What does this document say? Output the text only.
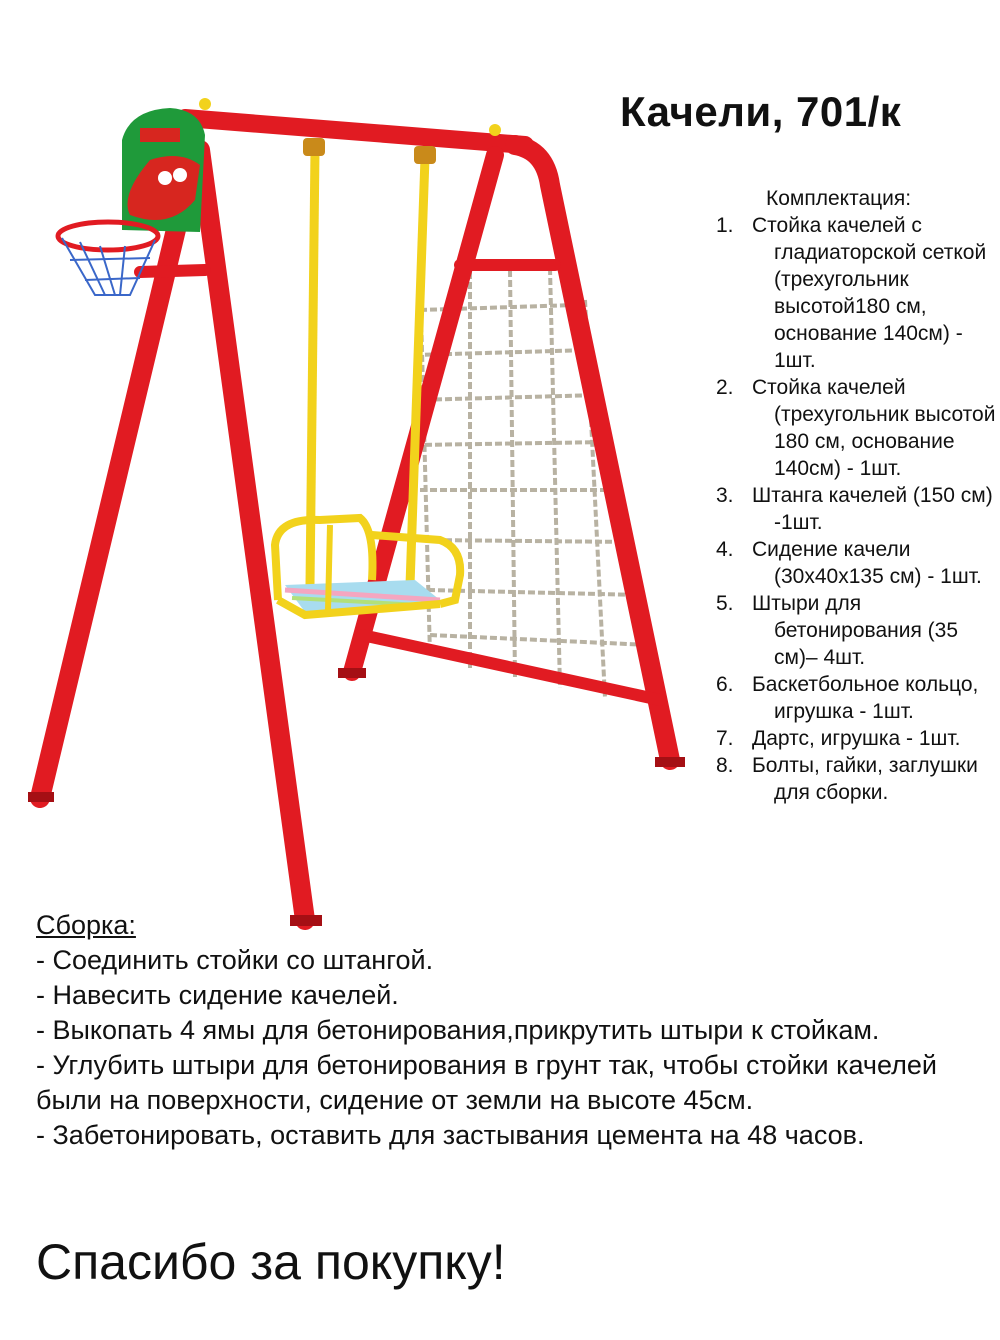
Качели, 701/к
Комплектация:
1. Стойка качелей с гладиаторской сеткой (трехугольник высотой180 см, основание 140см) - 1шт.
2. Стойка качелей (трехугольник высотой 180 см, основание 140см) - 1шт.
3. Штанга качелей (150 см) -1шт.
4. Сидение качели (30х40х135 см) - 1шт.
5. Штыри для бетонирования (35 см)– 4шт.
6. Баскетбольное кольцо, игрушка - 1шт.
7. Дартс, игрушка - 1шт.
8. Болты, гайки, заглушки для сборки.
Сборка:
- Соединить стойки со штангой.
- Навесить сидение качелей.
- Выкопать 4 ямы для бетонирования,прикрутить штыри к стойкам.
- Углубить штыри для бетонирования в грунт так, чтобы стойки качелей были на поверхности, сидение от земли на высоте 45см.
- Забетонировать, оставить для застывания цемента на 48 часов.
Спасибо за покупку!
